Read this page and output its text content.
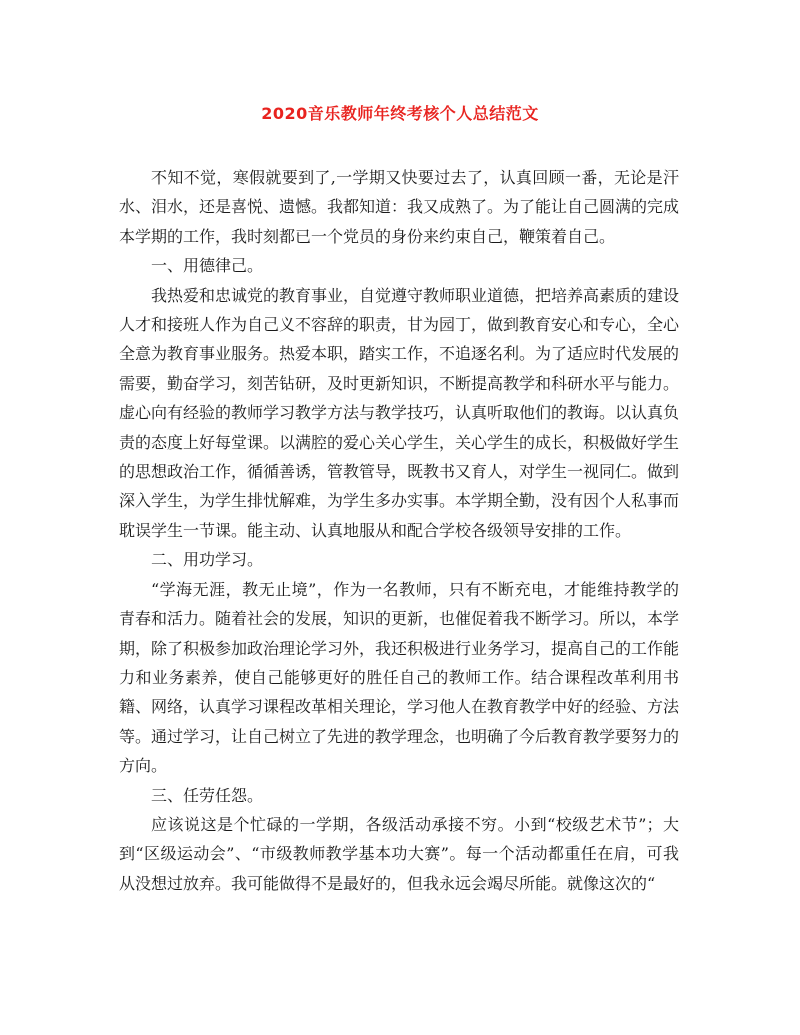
2020音乐教师年终考核个人总结范文

不知不觉，寒假就要到了,一学期又快要过去了，认真回顾一番，无论是汗水、泪水，还是喜悦、遗憾。我都知道：我又成熟了。为了能让自己圆满的完成本学期的工作，我时刻都已一个党员的身份来约束自己，鞭策着自己。

一、用德律己。

我热爱和忠诚党的教育事业，自觉遵守教师职业道德，把培养高素质的建设人才和接班人作为自己义不容辞的职责，甘为园丁，做到教育安心和专心，全心全意为教育事业服务。热爱本职，踏实工作，不追逐名利。为了适应时代发展的需要，勤奋学习，刻苦钻研，及时更新知识，不断提高教学和科研水平与能力。虚心向有经验的教师学习教学方法与教学技巧，认真听取他们的教诲。以认真负责的态度上好每堂课。以满腔的爱心关心学生，关心学生的成长，积极做好学生的思想政治工作，循循善诱，管教管导，既教书又育人，对学生一视同仁。做到深入学生，为学生排忧解难，为学生多办实事。本学期全勤，没有因个人私事而耽误学生一节课。能主动、认真地服从和配合学校各级领导安排的工作。

二、用功学习。

“学海无涯，教无止境”，作为一名教师，只有不断充电，才能维持教学的青春和活力。随着社会的发展，知识的更新，也催促着我不断学习。所以，本学期，除了积极参加政治理论学习外，我还积极进行业务学习，提高自己的工作能力和业务素养，使自己能够更好的胜任自己的教师工作。结合课程改革利用书籍、网络，认真学习课程改革相关理论，学习他人在教育教学中好的经验、方法等。通过学习，让自己树立了先进的教学理念，也明确了今后教育教学要努力的方向。

三、任劳任怨。

应该说这是个忙碌的一学期，各级活动承接不穷。小到“校级艺术节”；大到“区级运动会”、“市级教师教学基本功大赛”。每一个活动都重任在肩，可我从没想过放弃。我可能做得不是最好的，但我永远会竭尽所能。就像这次的“
